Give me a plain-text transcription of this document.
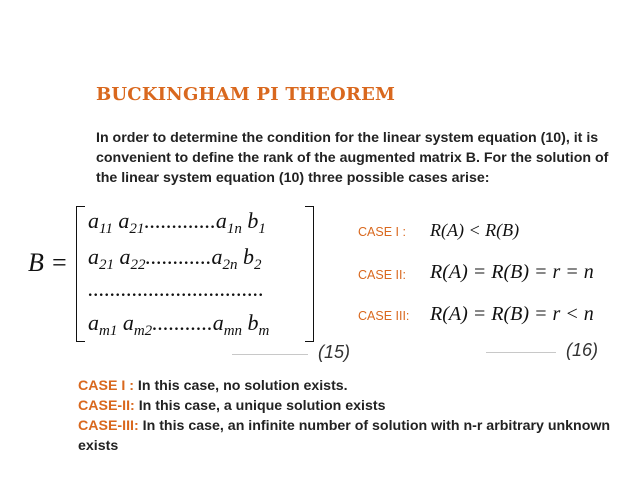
BUCKINGHAM PI THEOREM
In order to determine the condition for the linear system equation (10), it is convenient to define the rank of the augmented matrix B. For the solution of the linear system equation (10) three possible cases arise:
B =
$a_{11}$ $a_{21}.............a_{1n}$ $b_1$
$a_{21}$ $a_{22}............a_{2n}$ $b_2$
................................
$a_{m1}$ $a_{m2}...........a_{mn}$ $b_m$
(15)
CASE I : R(A) < R(B)
CASE II: R(A) = R(B) = r = n
CASE III: R(A) = R(B) = r < n
(16)
CASE I : In this case, no solution exists.
CASE-II: In this case, a unique solution exists
CASE-III: In this case, an infinite number of solution with n-r arbitrary unknown exists
